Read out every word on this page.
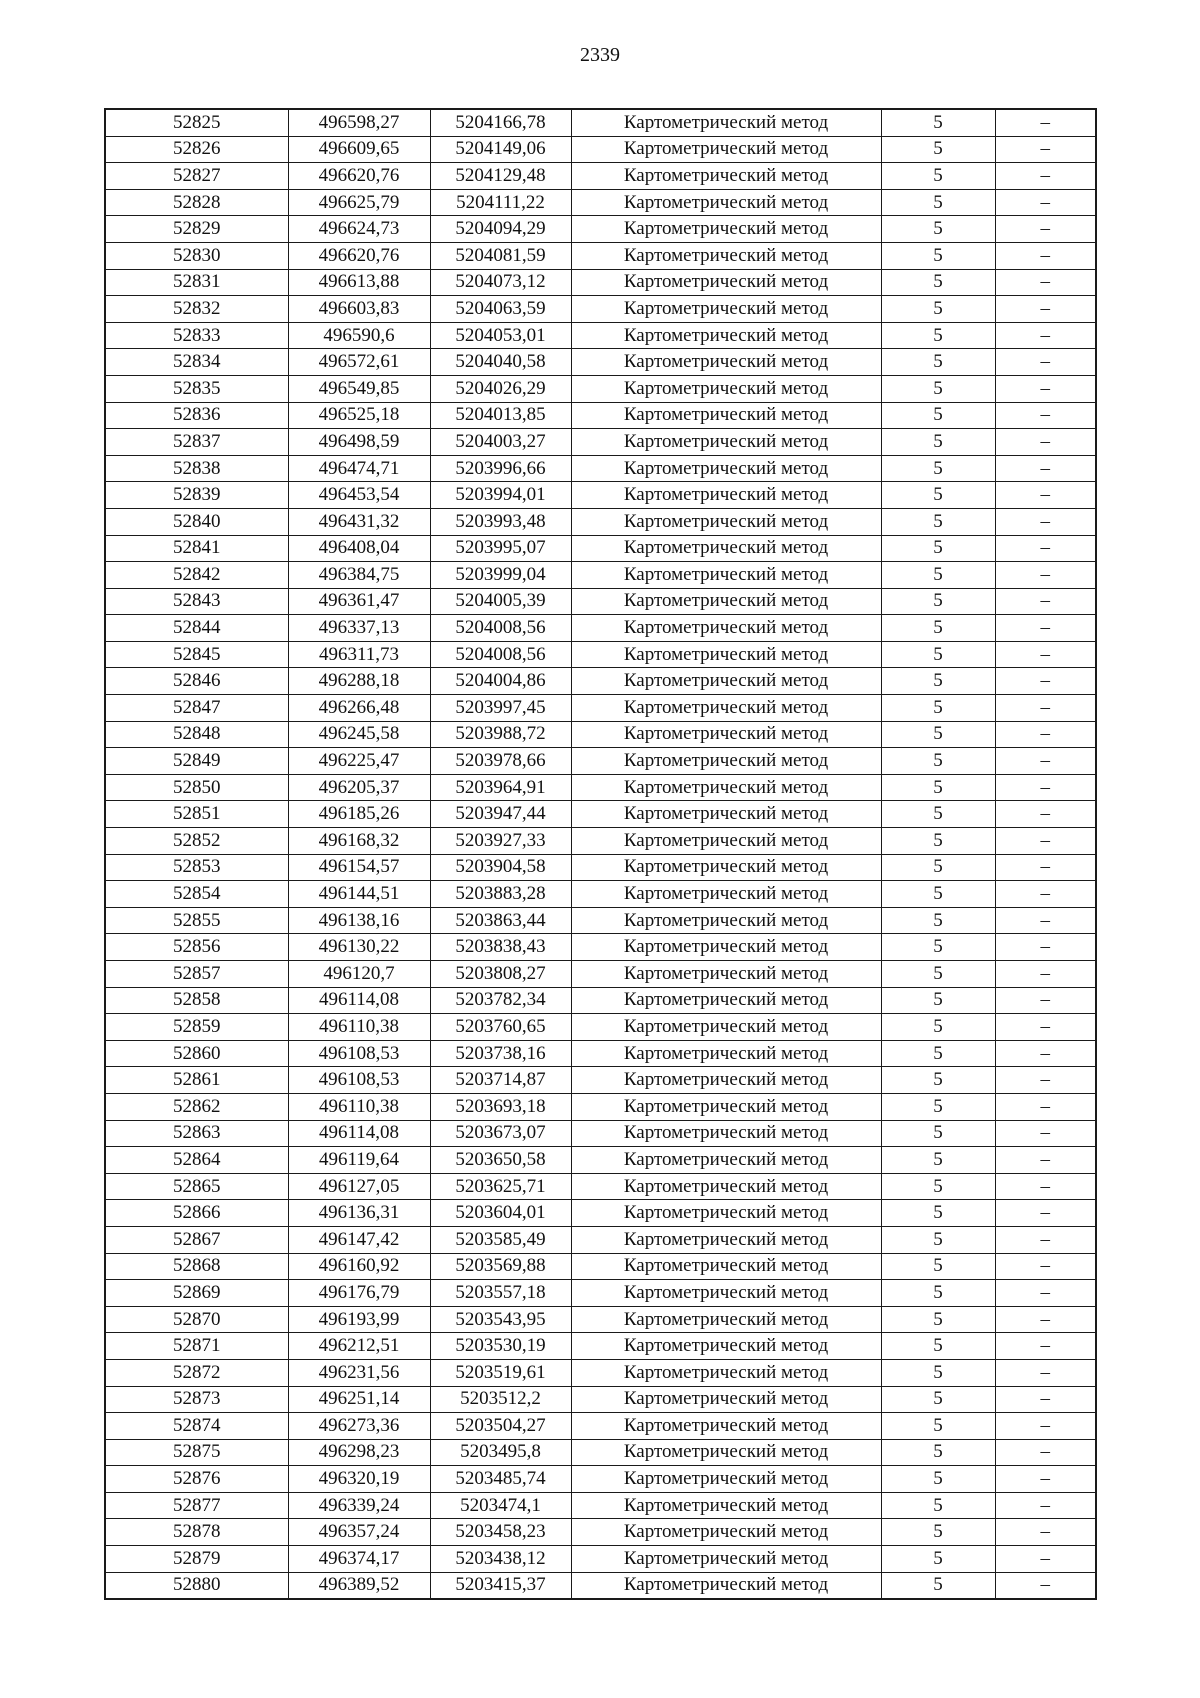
2339
52825	496598,27	5204166,78	Картометрический метод	5	–
52826	496609,65	5204149,06	Картометрический метод	5	–
52827	496620,76	5204129,48	Картометрический метод	5	–
52828	496625,79	5204111,22	Картометрический метод	5	–
52829	496624,73	5204094,29	Картометрический метод	5	–
52830	496620,76	5204081,59	Картометрический метод	5	–
52831	496613,88	5204073,12	Картометрический метод	5	–
52832	496603,83	5204063,59	Картометрический метод	5	–
52833	496590,6	5204053,01	Картометрический метод	5	–
52834	496572,61	5204040,58	Картометрический метод	5	–
52835	496549,85	5204026,29	Картометрический метод	5	–
52836	496525,18	5204013,85	Картометрический метод	5	–
52837	496498,59	5204003,27	Картометрический метод	5	–
52838	496474,71	5203996,66	Картометрический метод	5	–
52839	496453,54	5203994,01	Картометрический метод	5	–
52840	496431,32	5203993,48	Картометрический метод	5	–
52841	496408,04	5203995,07	Картометрический метод	5	–
52842	496384,75	5203999,04	Картометрический метод	5	–
52843	496361,47	5204005,39	Картометрический метод	5	–
52844	496337,13	5204008,56	Картометрический метод	5	–
52845	496311,73	5204008,56	Картометрический метод	5	–
52846	496288,18	5204004,86	Картометрический метод	5	–
52847	496266,48	5203997,45	Картометрический метод	5	–
52848	496245,58	5203988,72	Картометрический метод	5	–
52849	496225,47	5203978,66	Картометрический метод	5	–
52850	496205,37	5203964,91	Картометрический метод	5	–
52851	496185,26	5203947,44	Картометрический метод	5	–
52852	496168,32	5203927,33	Картометрический метод	5	–
52853	496154,57	5203904,58	Картометрический метод	5	–
52854	496144,51	5203883,28	Картометрический метод	5	–
52855	496138,16	5203863,44	Картометрический метод	5	–
52856	496130,22	5203838,43	Картометрический метод	5	–
52857	496120,7	5203808,27	Картометрический метод	5	–
52858	496114,08	5203782,34	Картометрический метод	5	–
52859	496110,38	5203760,65	Картометрический метод	5	–
52860	496108,53	5203738,16	Картометрический метод	5	–
52861	496108,53	5203714,87	Картометрический метод	5	–
52862	496110,38	5203693,18	Картометрический метод	5	–
52863	496114,08	5203673,07	Картометрический метод	5	–
52864	496119,64	5203650,58	Картометрический метод	5	–
52865	496127,05	5203625,71	Картометрический метод	5	–
52866	496136,31	5203604,01	Картометрический метод	5	–
52867	496147,42	5203585,49	Картометрический метод	5	–
52868	496160,92	5203569,88	Картометрический метод	5	–
52869	496176,79	5203557,18	Картометрический метод	5	–
52870	496193,99	5203543,95	Картометрический метод	5	–
52871	496212,51	5203530,19	Картометрический метод	5	–
52872	496231,56	5203519,61	Картометрический метод	5	–
52873	496251,14	5203512,2	Картометрический метод	5	–
52874	496273,36	5203504,27	Картометрический метод	5	–
52875	496298,23	5203495,8	Картометрический метод	5	–
52876	496320,19	5203485,74	Картометрический метод	5	–
52877	496339,24	5203474,1	Картометрический метод	5	–
52878	496357,24	5203458,23	Картометрический метод	5	–
52879	496374,17	5203438,12	Картометрический метод	5	–
52880	496389,52	5203415,37	Картометрический метод	5	–
